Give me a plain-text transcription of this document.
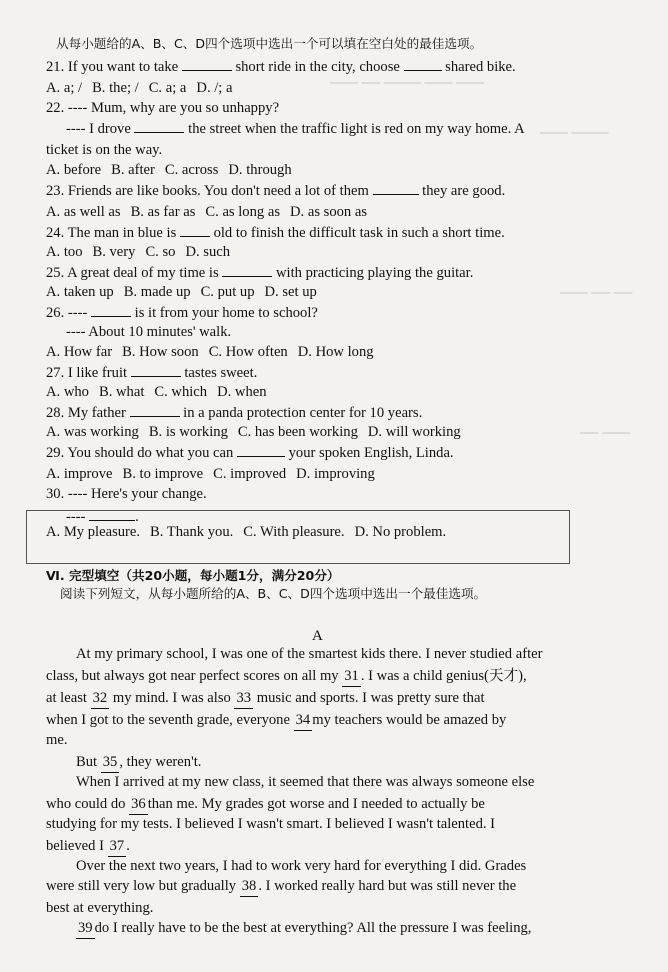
▁▁▁ ▁▁ ▁▁▁▁ ▁▁▁ ▁▁▁
▁▁▁ ▁▁▁▁
▁▁▁ ▁▁ ▁▁
▁▁ ▁▁▁
从每小题给的A、B、C、D四个选项中选出一个可以填在空白处的最佳选项。
21. If you want to take	short ride in the city, choose	shared bike.
A. a; / B. the; / C. a; a D. /; a
22. ---- Mum, why are you so unhappy?
---- I drove	the street when the traffic light is red on my way home. A
ticket is on the way.
A. before B. after C. across D. through
23. Friends are like books. You don't need a lot of them	they are good.
A. as well as B. as far as C. as long as D. as soon as
24. The man in blue is	old to finish the difficult task in such a short time.
A. too B. very C. so D. such
25. A great deal of my time is	with practicing playing the guitar.
A. taken up B. made up C. put up D. set up
26. ----	is it from your home to school?
---- About 10 minutes' walk.
A. How far B. How soon C. How often D. How long
27. I like fruit	tastes sweet.
A. who B. what C. which D. when
28. My father	in a panda protection center for 10 years.
A. was working B. is working C. has been working D. will working
29. You should do what you can	your spoken English, Linda.
A. improve B. to improve C. improved D. improving
30. ---- Here's your change.
----	.
A. My pleasure. B. Thank you. C. With pleasure. D. No problem.
Ⅵ. 完型填空（共20小题，每小题1分，满分20分）
阅读下列短文，从每小题所给的A、B、C、D四个选项中选出一个最佳选项。
A
At my primary school, I was one of the smartest kids there. I never studied after
class, but always got near perfect scores on all my 31 . I was a child genius(天才),
at least 32 my mind. I was also 33 music and sports. I was pretty sure that
when I got to the seventh grade, everyone 34 my teachers would be amazed by
me.
But 35 , they weren't.
When I arrived at my new class, it seemed that there was always someone else
who could do 36 than me. My grades got worse and I needed to actually be
studying for my tests. I believed I wasn't smart. I believed I wasn't talented. I
believed I 37 .
Over the next two years, I had to work very hard for everything I did. Grades
were still very low but gradually 38 . I worked really hard but was still never the
best at everything.
39 do I really have to be the best at everything? All the pressure I was feeling,
